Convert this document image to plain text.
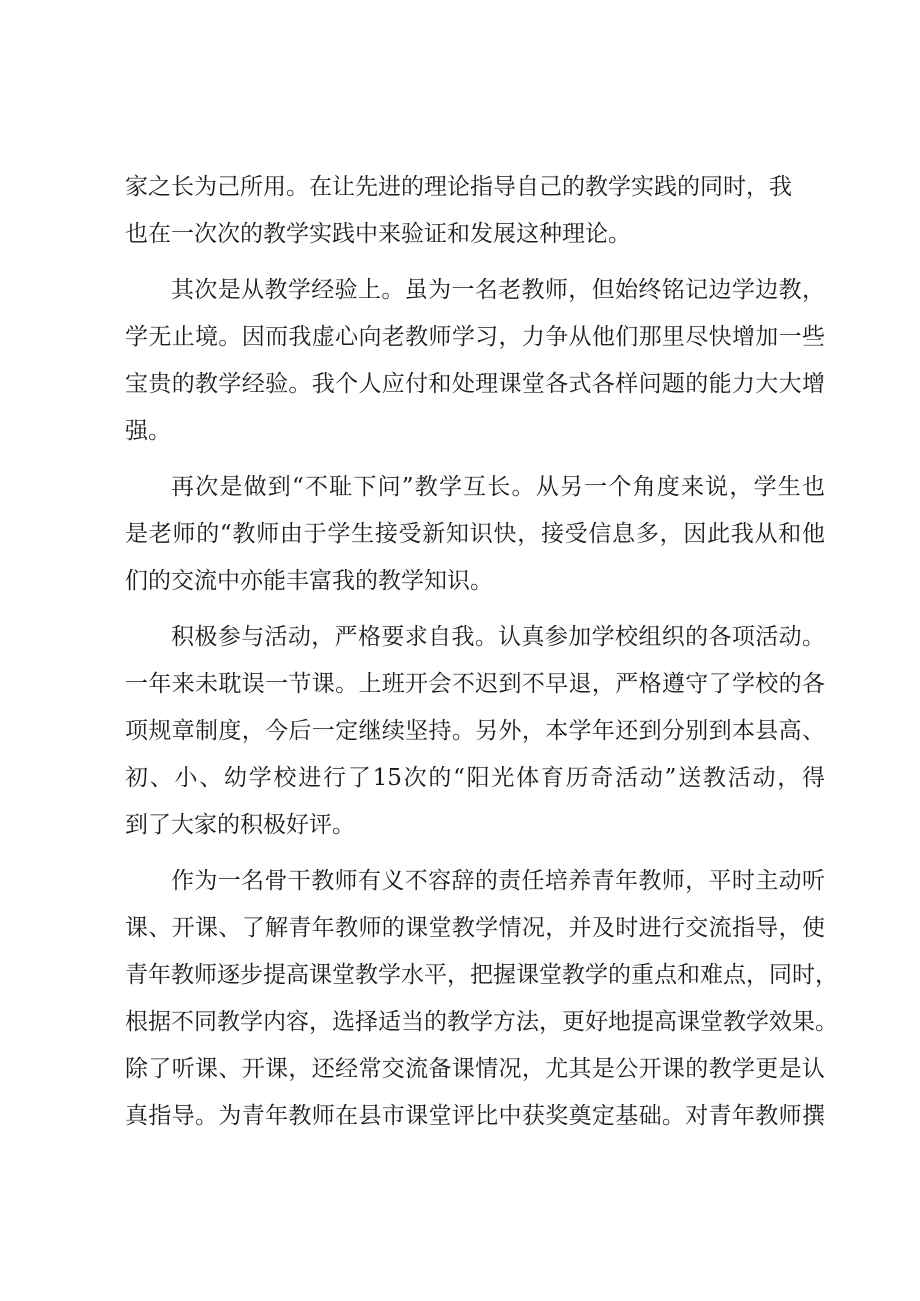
家之长为己所用。在让先进的理论指导自己的教学实践的同时，我
也在一次次的教学实践中来验证和发展这种理论。
其次是从教学经验上。虽为一名老教师，但始终铭记边学边教，
学无止境。因而我虚心向老教师学习，力争从他们那里尽快增加一些
宝贵的教学经验。我个人应付和处理课堂各式各样问题的能力大大增
强。
再次是做到“不耻下问”教学互长。从另一个角度来说，学生也
是老师的“教师由于学生接受新知识快，接受信息多，因此我从和他
们的交流中亦能丰富我的教学知识。
积极参与活动，严格要求自我。认真参加学校组织的各项活动。
一年来未耽误一节课。上班开会不迟到不早退，严格遵守了学校的各
项规章制度，今后一定继续坚持。另外，本学年还到分别到本县高、
初、小、幼学校进行了15次的“阳光体育历奇活动”送教活动，得
到了大家的积极好评。
作为一名骨干教师有义不容辞的责任培养青年教师，平时主动听
课、开课、了解青年教师的课堂教学情况，并及时进行交流指导，使
青年教师逐步提高课堂教学水平，把握课堂教学的重点和难点，同时，
根据不同教学内容，选择适当的教学方法，更好地提高课堂教学效果。
除了听课、开课，还经常交流备课情况，尤其是公开课的教学更是认
真指导。为青年教师在县市课堂评比中获奖奠定基础。对青年教师撰
